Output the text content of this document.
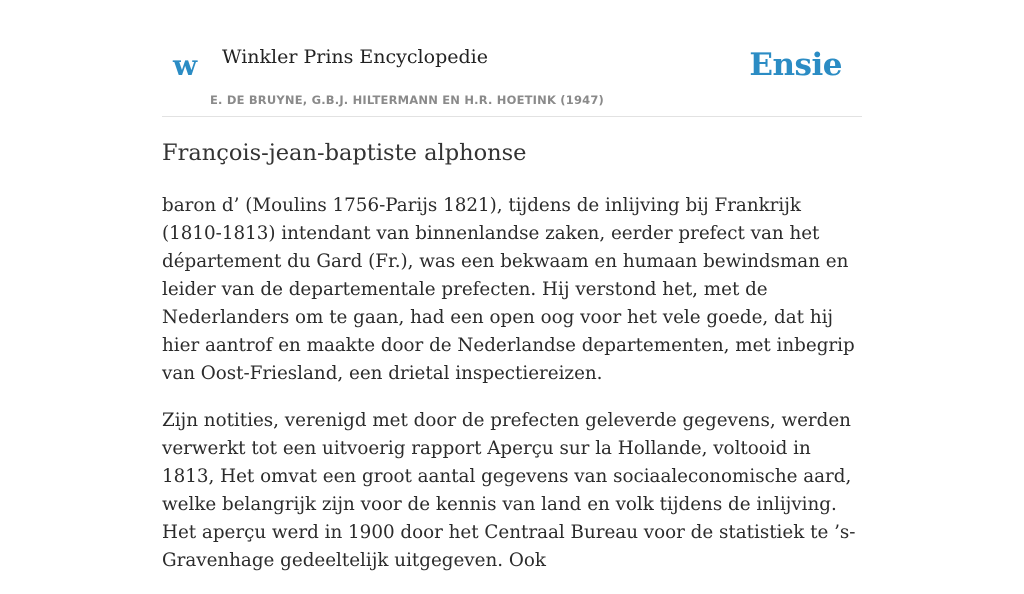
w Winkler Prins Encyclopedie
E. DE BRUYNE, G.B.J. HILTERMANN EN H.R. HOETINK (1947)
Ensie
François-jean-baptiste alphonse

baron d’ (Moulins 1756-Parijs 1821), tijdens de inlijving bij Frankrijk (1810-1813) intendant van binnenlandse zaken, eerder prefect van het département du Gard (Fr.), was een bekwaam en humaan bewindsman en leider van de departementale prefecten. Hij verstond het, met de Nederlanders om te gaan, had een open oog voor het vele goede, dat hij hier aantrof en maakte door de Nederlandse departementen, met inbegrip van Oost-Friesland, een drietal inspectiereizen.

Zijn notities, verenigd met door de prefecten geleverde gegevens, werden verwerkt tot een uitvoerig rapport Aperçu sur la Hollande, voltooid in 1813, Het omvat een groot aantal gegevens van sociaaleconomische aard, welke belangrijk zijn voor de kennis van land en volk tijdens de inlijving. Het aperçu werd in 1900 door het Centraal Bureau voor de statistiek te ’s-Gravenhage gedeeltelijk uitgegeven. Ook
